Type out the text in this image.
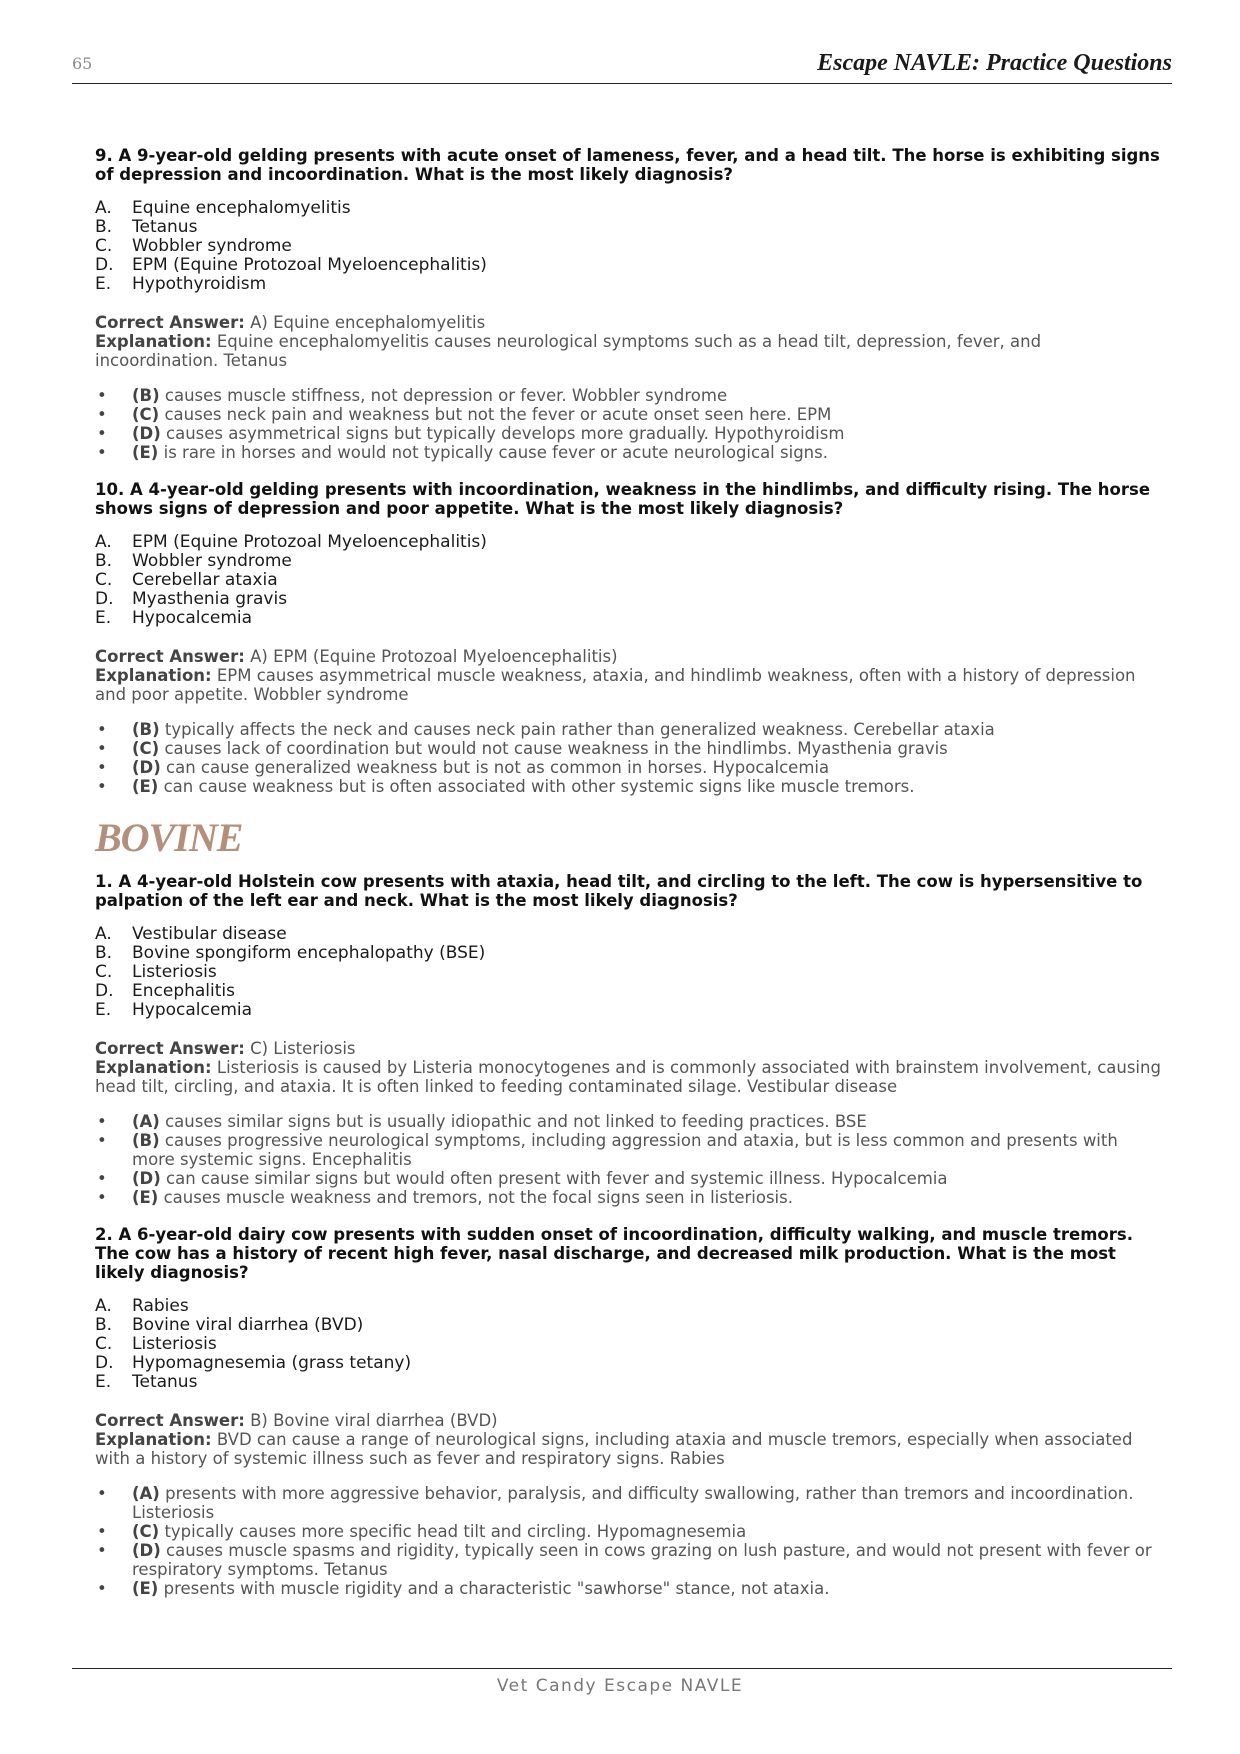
65	Escape NAVLE: Practice Questions

9. A 9-year-old gelding presents with acute onset of lameness, fever, and a head tilt. The horse is exhibiting signs of depression and incoordination. What is the most likely diagnosis?

A.	Equine encephalomyelitis
B.	Tetanus
C.	Wobbler syndrome
D.	EPM (Equine Protozoal Myeloencephalitis)
E.	Hypothyroidism

Correct Answer: A) Equine encephalomyelitis

Explanation: Equine encephalomyelitis causes neurological symptoms such as a head tilt, depression, fever, and incoordination. Tetanus

• (B) causes muscle stiffness, not depression or fever. Wobbler syndrome
• (C) causes neck pain and weakness but not the fever or acute onset seen here. EPM
• (D) causes asymmetrical signs but typically develops more gradually. Hypothyroidism
• (E) is rare in horses and would not typically cause fever or acute neurological signs.

10. A 4-year-old gelding presents with incoordination, weakness in the hindlimbs, and difficulty rising. The horse shows signs of depression and poor appetite. What is the most likely diagnosis?

A.	EPM (Equine Protozoal Myeloencephalitis)
B.	Wobbler syndrome
C.	Cerebellar ataxia
D.	Myasthenia gravis
E.	Hypocalcemia

Correct Answer: A) EPM (Equine Protozoal Myeloencephalitis)

Explanation: EPM causes asymmetrical muscle weakness, ataxia, and hindlimb weakness, often with a history of depression and poor appetite. Wobbler syndrome

• (B) typically affects the neck and causes neck pain rather than generalized weakness. Cerebellar ataxia
• (C) causes lack of coordination but would not cause weakness in the hindlimbs. Myasthenia gravis
• (D) can cause generalized weakness but is not as common in horses. Hypocalcemia
• (E) can cause weakness but is often associated with other systemic signs like muscle tremors.
BOVINE

1. A 4-year-old Holstein cow presents with ataxia, head tilt, and circling to the left. The cow is hypersensitive to palpation of the left ear and neck. What is the most likely diagnosis?

A.	Vestibular disease
B.	Bovine spongiform encephalopathy (BSE)
C.	Listeriosis
D.	Encephalitis
E.	Hypocalcemia

Correct Answer: C) Listeriosis

Explanation: Listeriosis is caused by Listeria monocytogenes and is commonly associated with brainstem involvement, causing head tilt, circling, and ataxia. It is often linked to feeding contaminated silage. Vestibular disease

• (A) causes similar signs but is usually idiopathic and not linked to feeding practices. BSE
• (B) causes progressive neurological symptoms, including aggression and ataxia, but is less common and presents with more systemic signs. Encephalitis
• (D) can cause similar signs but would often present with fever and systemic illness. Hypocalcemia
• (E) causes muscle weakness and tremors, not the focal signs seen in listeriosis.

2. A 6-year-old dairy cow presents with sudden onset of incoordination, difficulty walking, and muscle tremors. The cow has a history of recent high fever, nasal discharge, and decreased milk production. What is the most likely diagnosis?

A.	Rabies
B.	Bovine viral diarrhea (BVD)
C.	Listeriosis
D.	Hypomagnesemia (grass tetany)
E.	Tetanus

Correct Answer: B) Bovine viral diarrhea (BVD)

Explanation: BVD can cause a range of neurological signs, including ataxia and muscle tremors, especially when associated with a history of systemic illness such as fever and respiratory signs. Rabies

• (A) presents with more aggressive behavior, paralysis, and difficulty swallowing, rather than tremors and incoordination. Listeriosis
• (C) typically causes more specific head tilt and circling. Hypomagnesemia
• (D) causes muscle spasms and rigidity, typically seen in cows grazing on lush pasture, and would not present with fever or respiratory symptoms. Tetanus
• (E) presents with muscle rigidity and a characteristic "sawhorse" stance, not ataxia.
Vet Candy Escape NAVLE
